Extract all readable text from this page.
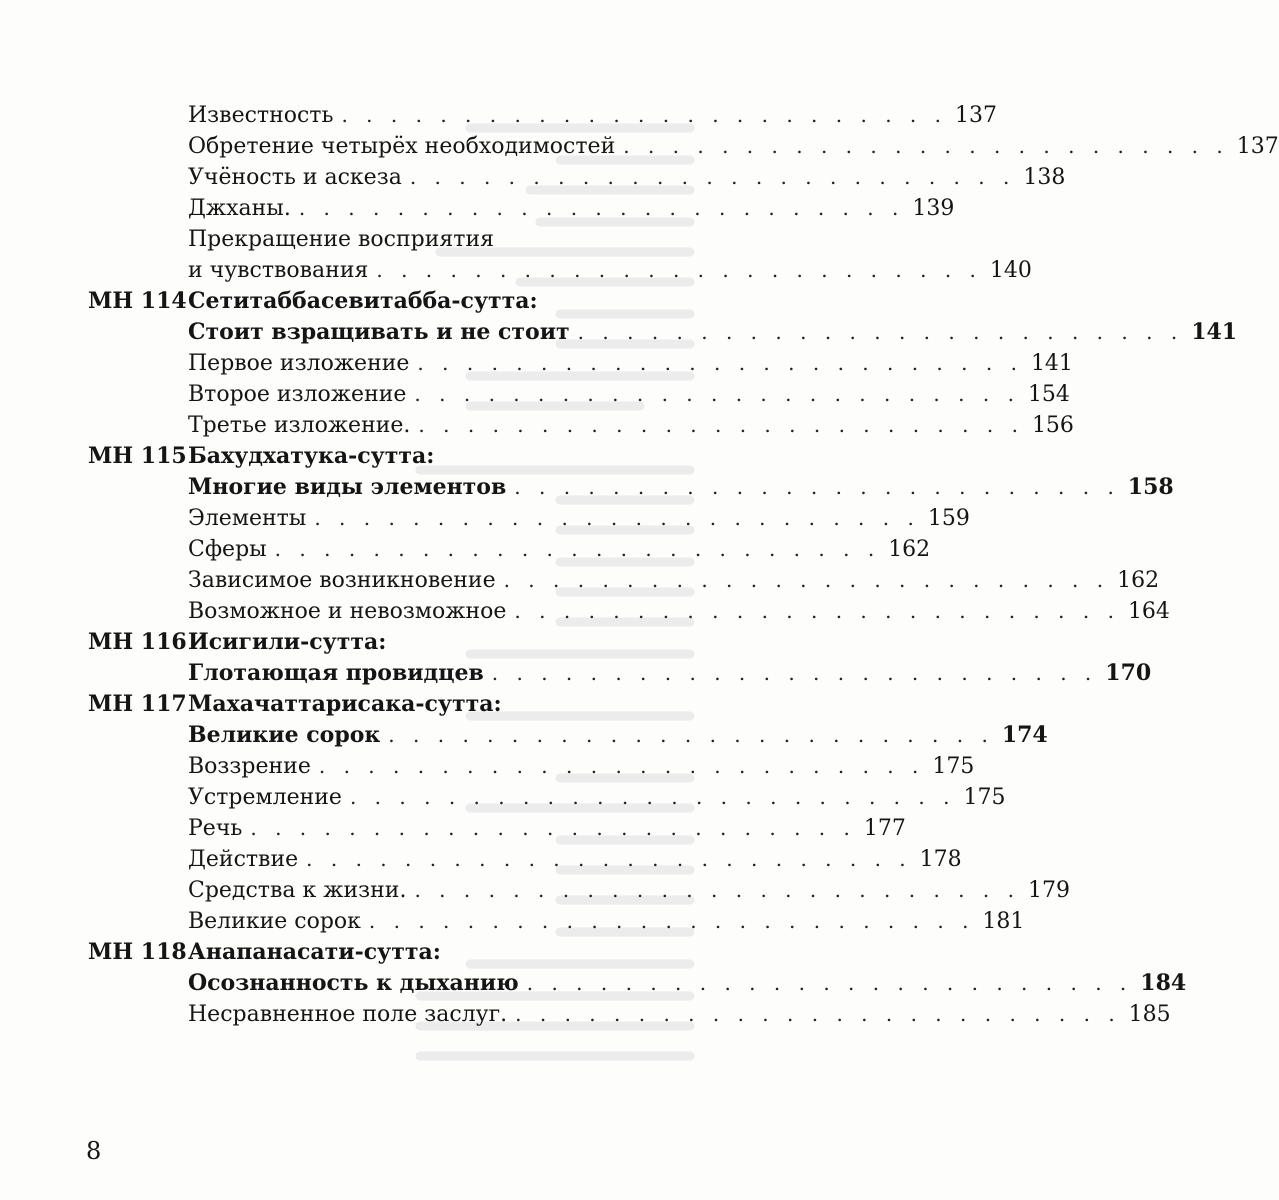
Известность . . . . . . . . . . . . . . . . . . . . . . . . . 137
Обретение четырёх необходимостей . . . . . . . . . . . . . . . . . . . . . . . . . 137
Учёность и аскеза . . . . . . . . . . . . . . . . . . . . . . . . . 138
Джханы. . . . . . . . . . . . . . . . . . . . . . . . . . 139
Прекращение восприятия
и чувствования . . . . . . . . . . . . . . . . . . . . . . . . . 140
МН 114 Сетитаббасевитабба-сутта:
Стоит взращивать и не стоит . . . . . . . . . . . . . . . . . . . . . . . . . 141
Первое изложение . . . . . . . . . . . . . . . . . . . . . . . . . 141
Второе изложение . . . . . . . . . . . . . . . . . . . . . . . . . 154
Третье изложение. . . . . . . . . . . . . . . . . . . . . . . . . . 156
МН 115 Бахудхатука-сутта:
Многие виды элементов . . . . . . . . . . . . . . . . . . . . . . . . . 158
Элементы . . . . . . . . . . . . . . . . . . . . . . . . . 159
Сферы . . . . . . . . . . . . . . . . . . . . . . . . . 162
Зависимое возникновение . . . . . . . . . . . . . . . . . . . . . . . . . 162
Возможное и невозможное . . . . . . . . . . . . . . . . . . . . . . . . . 164
МН 116 Исигили-сутта:
Глотающая провидцев . . . . . . . . . . . . . . . . . . . . . . . . . 170
МН 117 Махачаттарисака-сутта:
Великие сорок . . . . . . . . . . . . . . . . . . . . . . . . . 174
Воззрение . . . . . . . . . . . . . . . . . . . . . . . . . 175
Устремление . . . . . . . . . . . . . . . . . . . . . . . . . 175
Речь . . . . . . . . . . . . . . . . . . . . . . . . . 177
Действие . . . . . . . . . . . . . . . . . . . . . . . . . 178
Средства к жизни. . . . . . . . . . . . . . . . . . . . . . . . . . 179
Великие сорок . . . . . . . . . . . . . . . . . . . . . . . . . 181
МН 118 Анапанасати-сутта:
Осознанность к дыханию . . . . . . . . . . . . . . . . . . . . . . . . . 184
Несравненное поле заслуг. . . . . . . . . . . . . . . . . . . . . . . . . . 185
8
